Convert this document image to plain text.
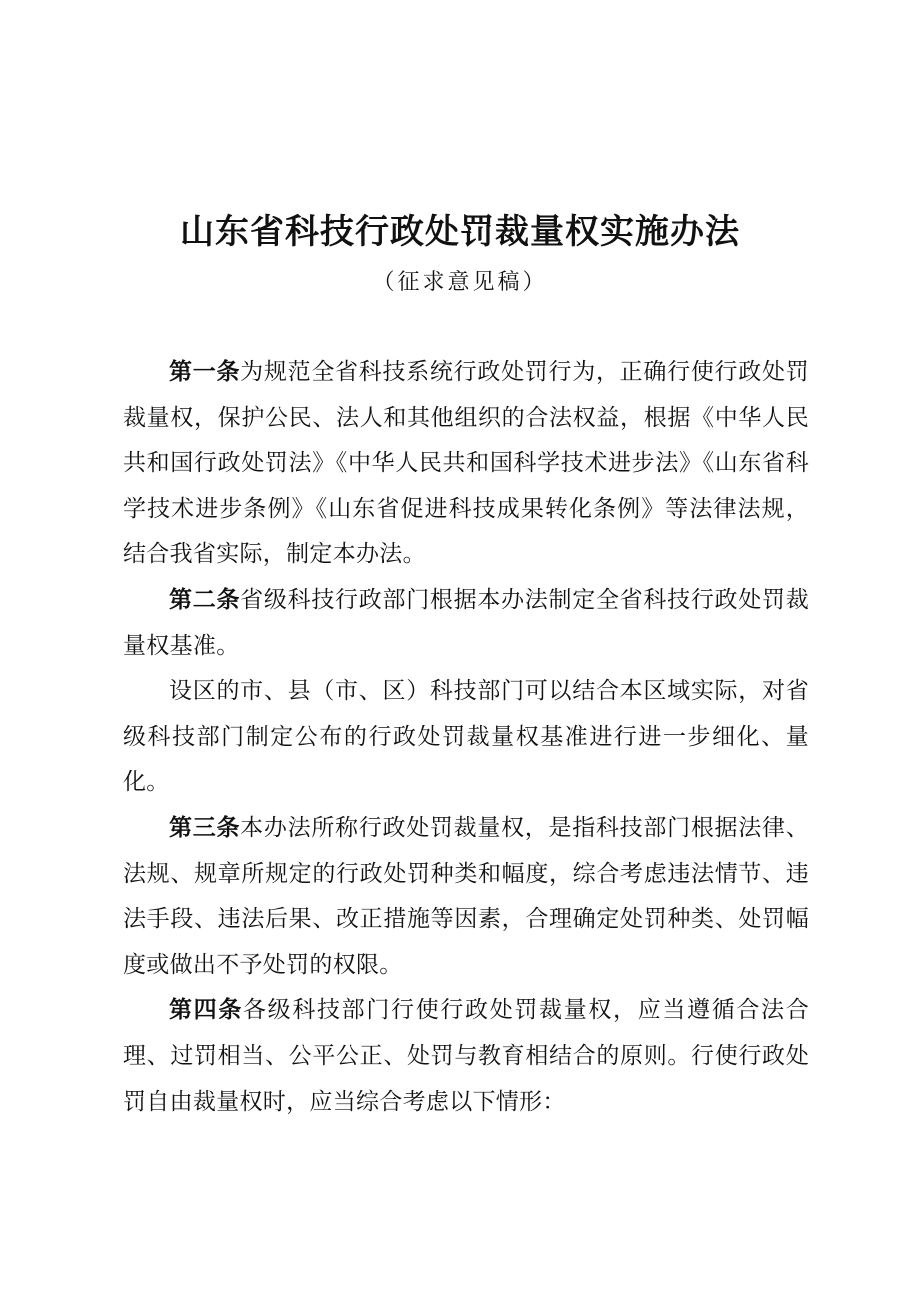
山东省科技行政处罚裁量权实施办法
（征求意见稿）

第一条为规范全省科技系统行政处罚行为，正确行使行政处罚裁量权，保护公民、法人和其他组织的合法权益，根据《中华人民共和国行政处罚法》《中华人民共和国科学技术进步法》《山东省科学技术进步条例》《山东省促进科技成果转化条例》等法律法规，结合我省实际，制定本办法。

第二条省级科技行政部门根据本办法制定全省科技行政处罚裁量权基准。

设区的市、县（市、区）科技部门可以结合本区域实际，对省级科技部门制定公布的行政处罚裁量权基准进行进一步细化、量化。

第三条本办法所称行政处罚裁量权，是指科技部门根据法律、法规、规章所规定的行政处罚种类和幅度，综合考虑违法情节、违法手段、违法后果、改正措施等因素，合理确定处罚种类、处罚幅度或做出不予处罚的权限。

第四条各级科技部门行使行政处罚裁量权，应当遵循合法合理、过罚相当、公平公正、处罚与教育相结合的原则。行使行政处罚自由裁量权时，应当综合考虑以下情形：
